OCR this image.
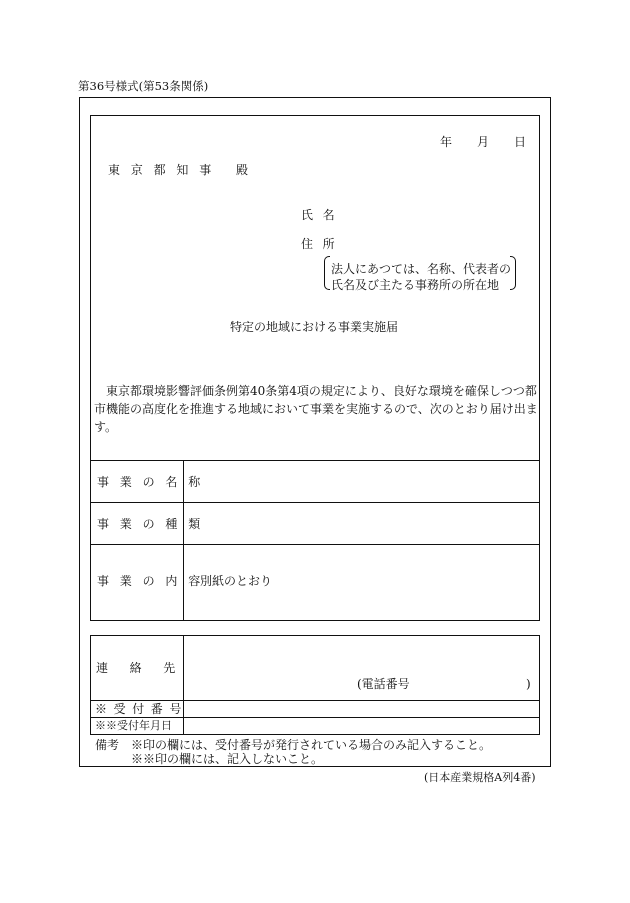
第36号様式(第53条関係)
年 月 日
東京都知事 殿
氏名
住所
法人にあつては、名称、代表者の
氏名及び主たる事務所の所在地
特定の地域における事業実施届
東京都環境影響評価条例第40条第4項の規定により、良好な環境を確保しつつ都市機能の高度化を推進する地域において事業を実施するので、次のとおり届け出ます。
事業の名称
事業の種類
事業の内容
別紙のとおり
連絡先
(電話番号	)
※受付番号
※※受付年月日
備考 ※印の欄には、受付番号が発行されている場合のみ記入すること。
※※印の欄には、記入しないこと。
(日本産業規格A列4番)
